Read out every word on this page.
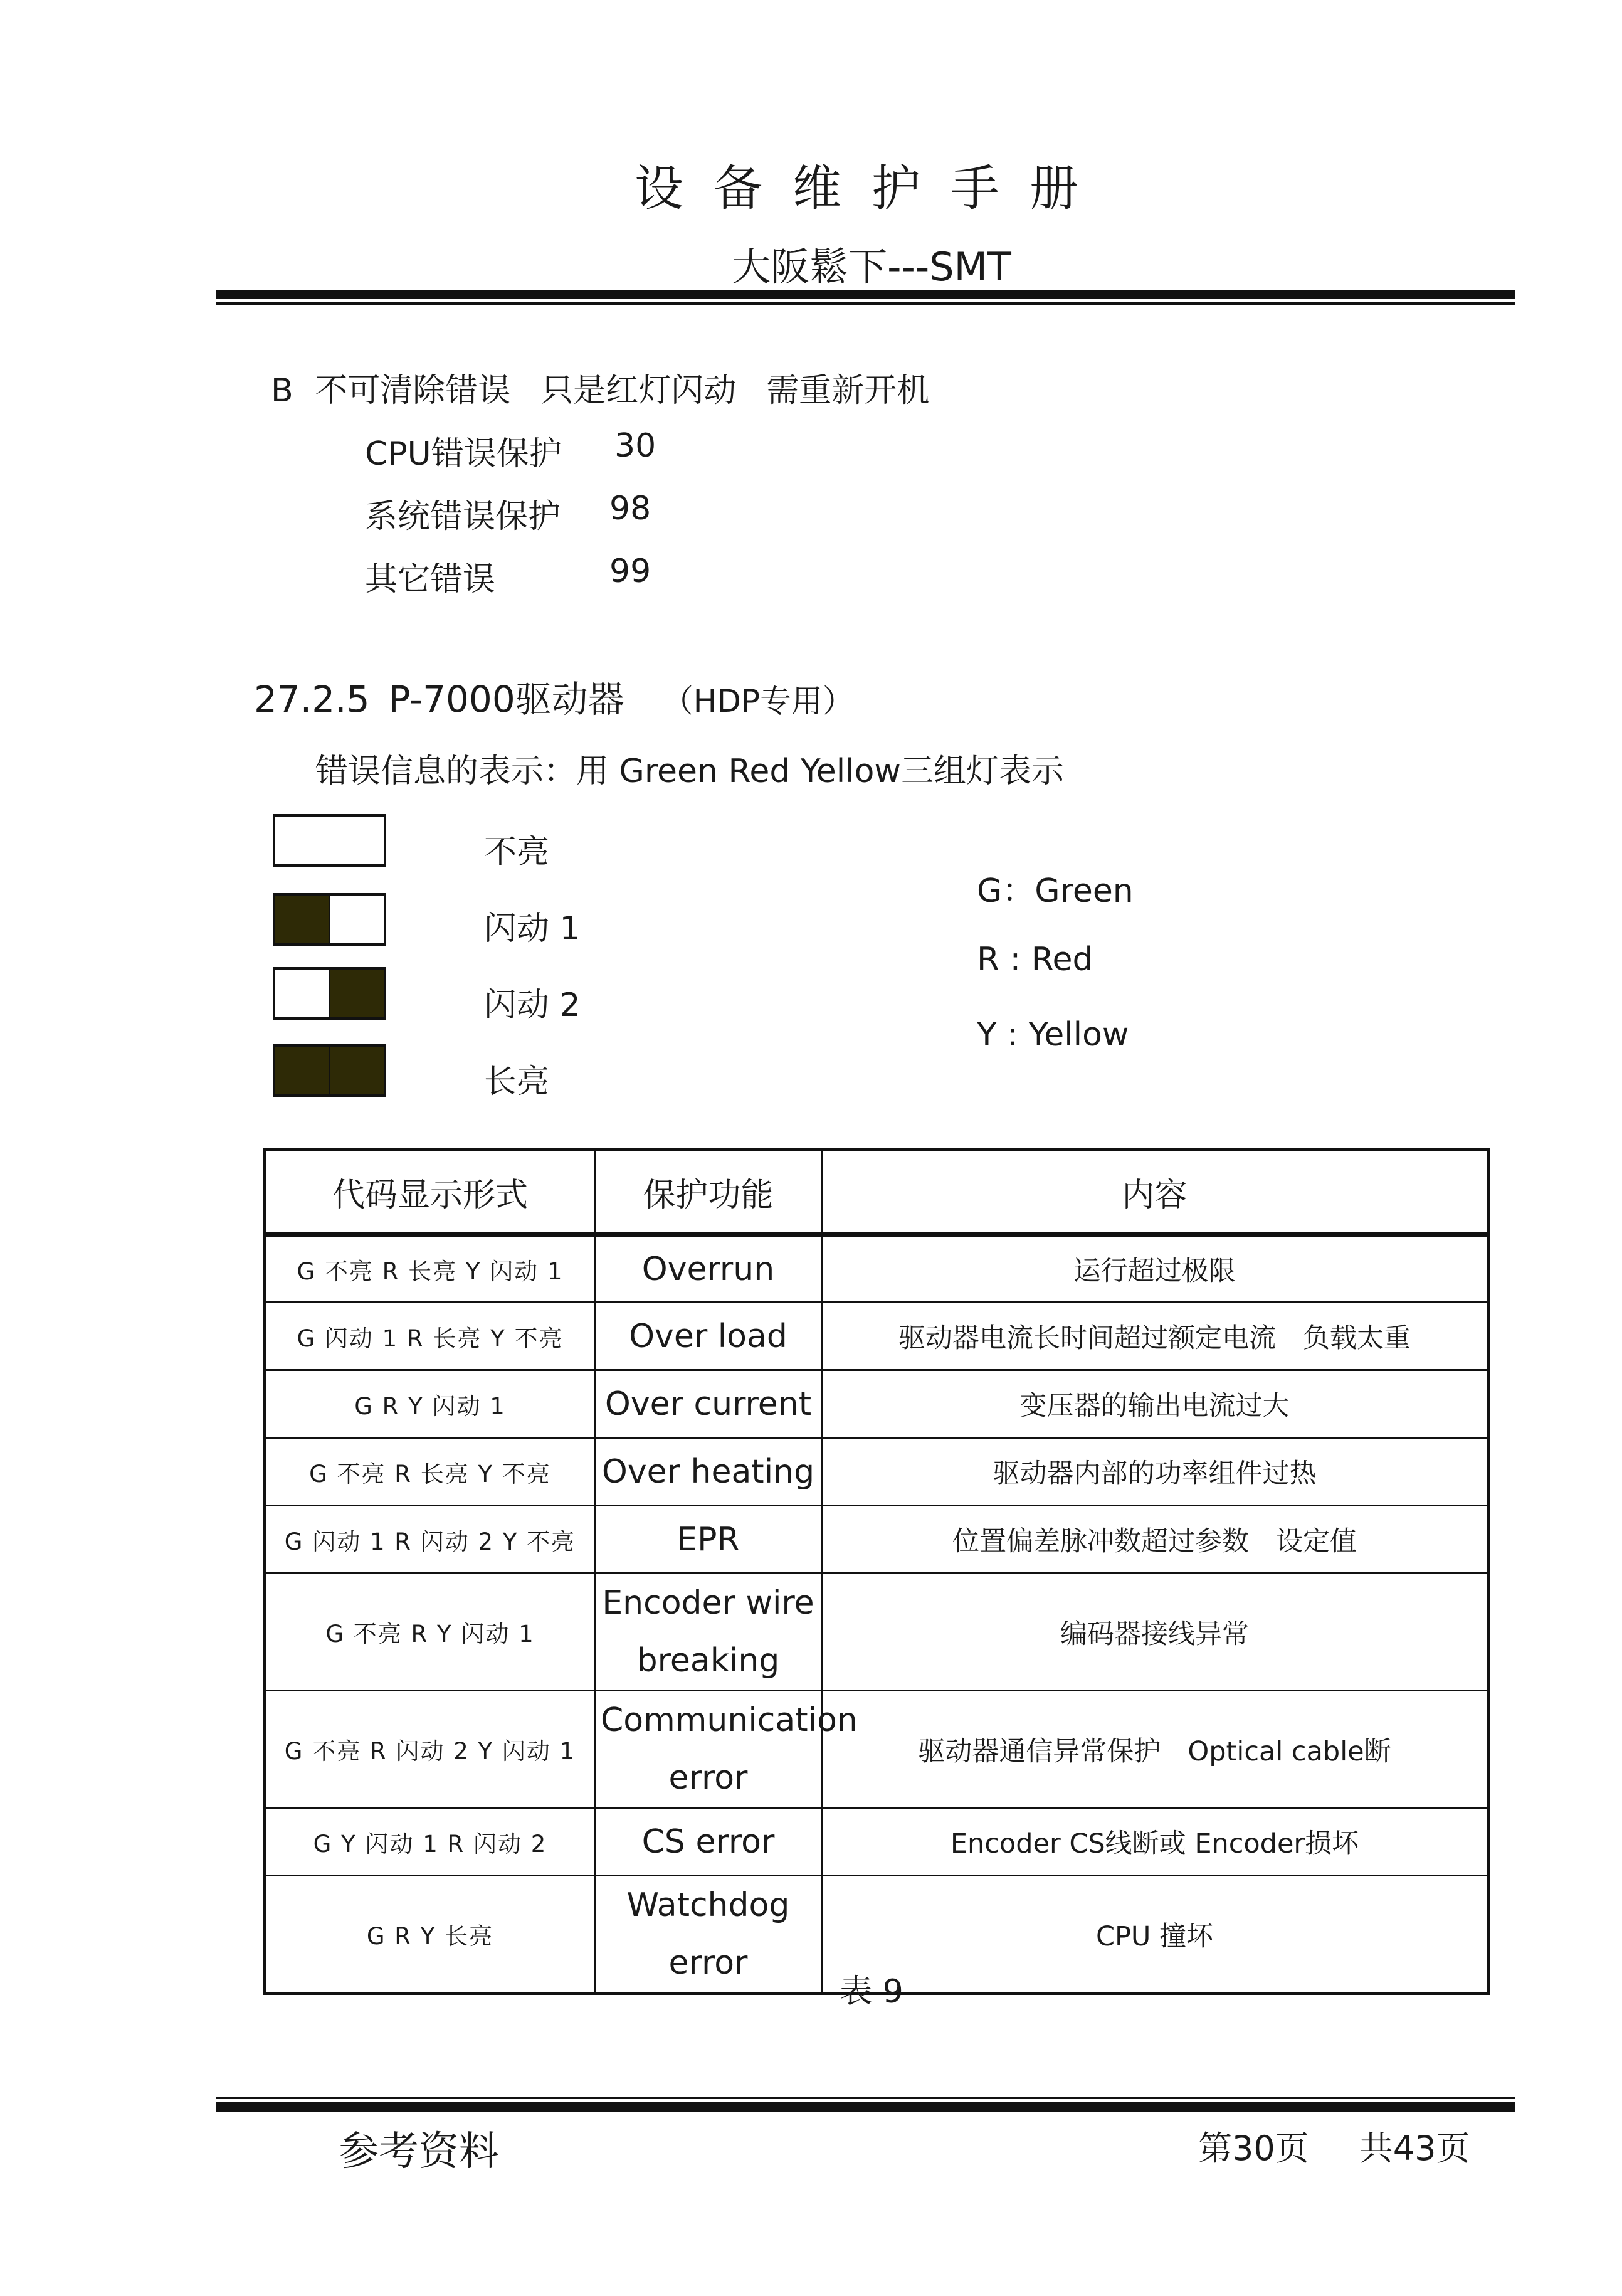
设备维护手册
大阪鬆下---SMT
B 不可清除错误 只是红灯闪动 需重新开机
CPU错误保护 30
系统错误保护 98
其它错误	99
27.2.5 P-7000驱动器 （HDP专用）
错误信息的表示：用 Green Red Yellow三组灯表示
不亮
闪动 1
闪动 2
长亮
G：Green
R : Red
Y : Yellow
代码显示形式	保护功能	内容
G 不亮 R 长亮 Y 闪动 1	Overrun	运行超过极限
G 闪动 1 R 长亮 Y 不亮	Over load	驱动器电流长时间超过额定电流　负载太重
G R Y 闪动 1	Over current	变压器的输出电流过大
G 不亮 R 长亮 Y 不亮	Over heating	驱动器内部的功率组件过热
G 闪动 1 R 闪动 2 Y 不亮	EPR	位置偏差脉冲数超过参数　设定值
G 不亮 R Y 闪动 1	Encoder wire breaking	编码器接线异常
G 不亮 R 闪动 2 Y 闪动 1	Communication error	驱动器通信异常保护　Optical cable断
G Y 闪动 1 R 闪动 2	CS error	Encoder CS线断或 Encoder损坏
G R Y 长亮	Watchdog error	CPU 撞坏
表 9
参考资料	第30页 共43页
